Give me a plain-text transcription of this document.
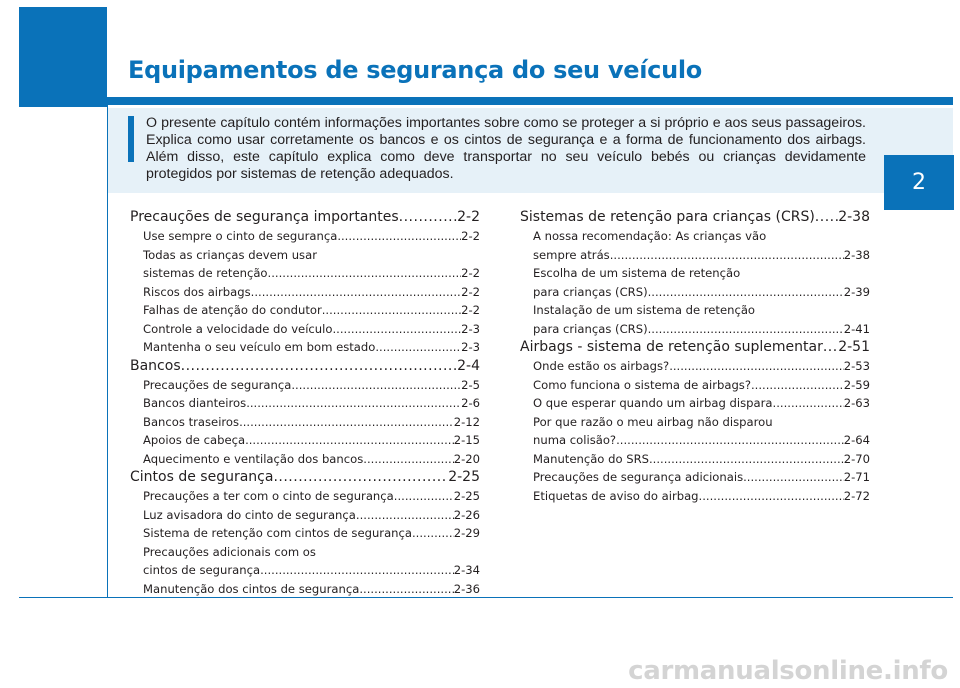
Equipamentos de segurança do seu veículo

O presente capítulo contém informações importantes sobre como se proteger a si próprio e aos seus passageiros. Explica como usar corretamente os bancos e os cintos de segurança e a forma de funcionamento dos airbags. Além disso, este capítulo explica como deve transportar no seu veículo bebés ou crianças devidamente protegidos por sistemas de retenção adequados.	2
Precauções de segurança importantes .....	2-2
Use sempre o cinto de segurança .....	2-2
Todas as crianças devem usar
sistemas de retenção .....	2-2
Riscos dos airbags .....	2-2
Falhas de atenção do condutor .....	2-2
Controle a velocidade do veículo .....	2-3
Mantenha o seu veículo em bom estado .....	2-3
Bancos .....	2-4
Precauções de segurança .....	2-5
Bancos dianteiros .....	2-6
Bancos traseiros .....	2-12
Apoios de cabeça .....	2-15
Aquecimento e ventilação dos bancos .....	2-20
Cintos de segurança .....	2-25
Precauções a ter com o cinto de segurança .....	2-25
Luz avisadora do cinto de segurança .....	2-26
Sistema de retenção com cintos de segurança .....	2-29
Precauções adicionais com os
cintos de segurança .....	2-34
Manutenção dos cintos de segurança .....	2-36
Sistemas de retenção para crianças (CRS) ..... 2-38
A nossa recomendação: As crianças vão
sempre atrás .....	2-38
Escolha de um sistema de retenção
para crianças (CRS) .....	2-39
Instalação de um sistema de retenção
para crianças (CRS) .....	2-41
Airbags - sistema de retenção suplementar ..... 2-51
Onde estão os airbags? .....	2-53
Como funciona o sistema de airbags? .....	2-59
O que esperar quando um airbag dispara .....	2-63
Por que razão o meu airbag não disparou
numa colisão? .....	2-64
Manutenção do SRS .....	2-70
Precauções de segurança adicionais .....	2-71
Etiquetas de aviso do airbag .....	2-72

carmanualsonline.info
